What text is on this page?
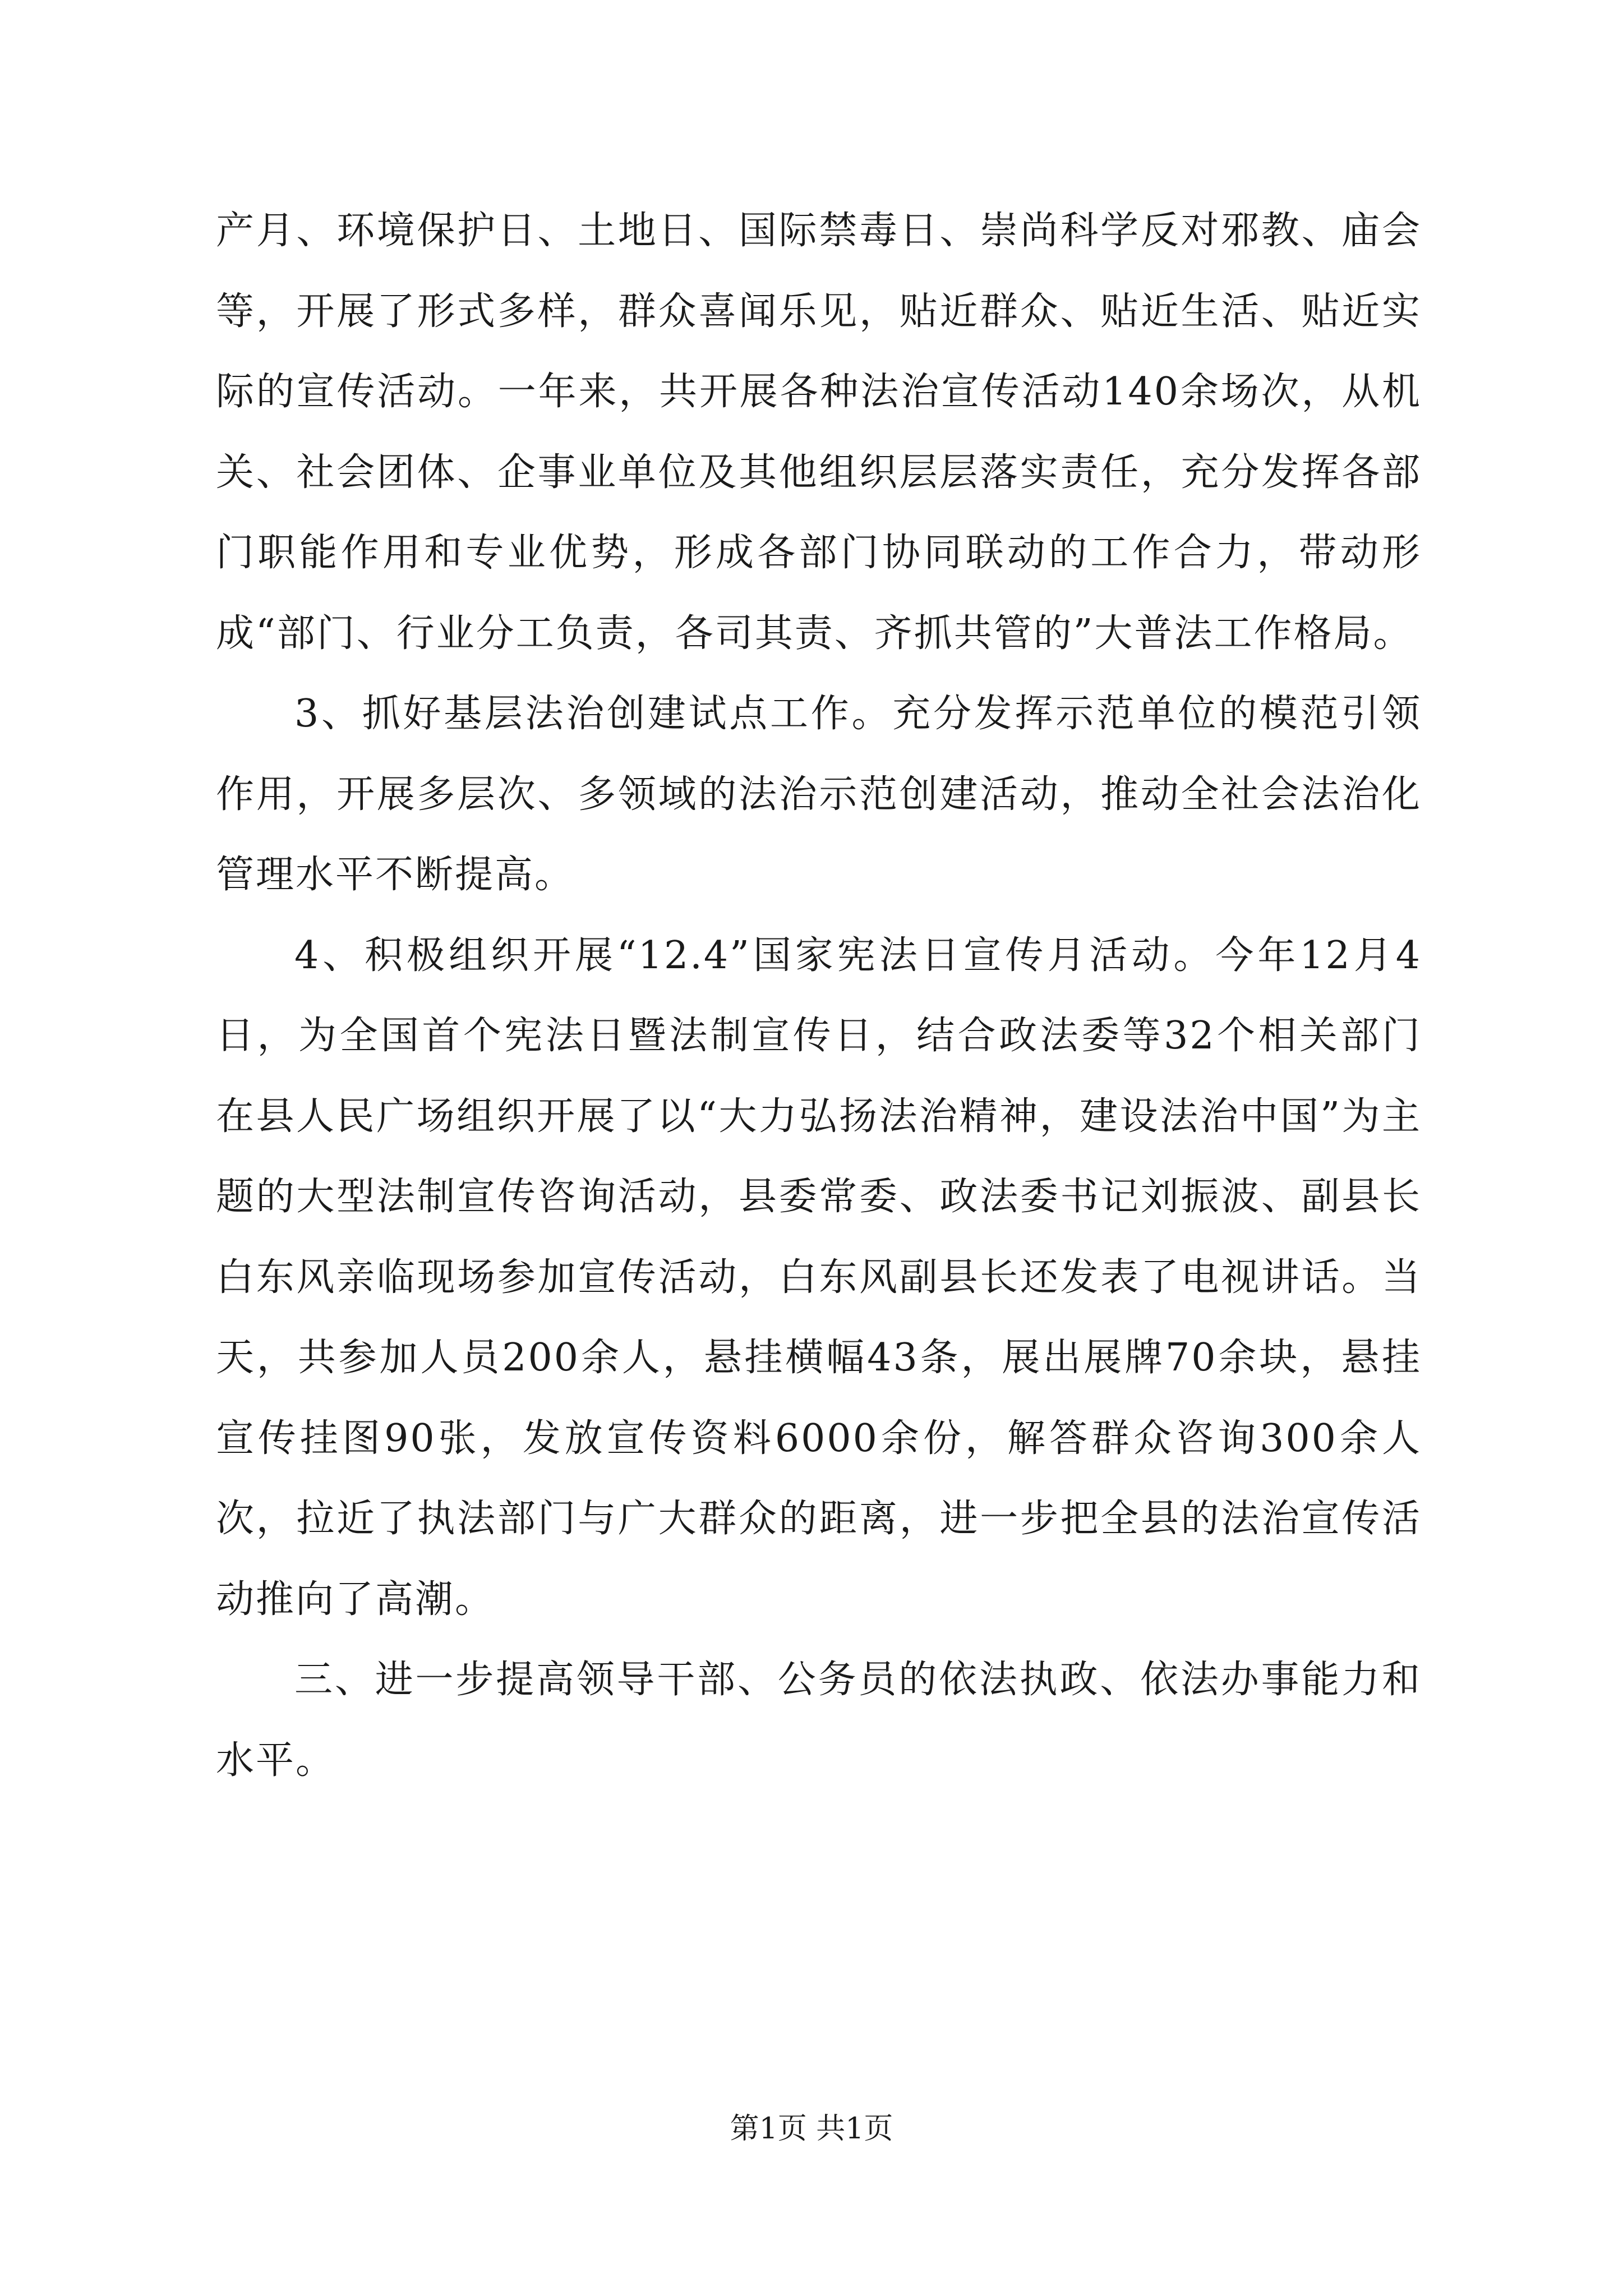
产月、环境保护日、土地日、国际禁毒日、崇尚科学反对邪教、庙会等，开展了形式多样，群众喜闻乐见，贴近群众、贴近生活、贴近实际的宣传活动。一年来，共开展各种法治宣传活动140余场次，从机关、社会团体、企事业单位及其他组织层层落实责任，充分发挥各部门职能作用和专业优势，形成各部门协同联动的工作合力，带动形成“部门、行业分工负责，各司其责、齐抓共管的”大普法工作格局。

3、抓好基层法治创建试点工作。充分发挥示范单位的模范引领作用，开展多层次、多领域的法治示范创建活动，推动全社会法治化管理水平不断提高。

4、积极组织开展“12.4”国家宪法日宣传月活动。今年12月4日，为全国首个宪法日暨法制宣传日，结合政法委等32个相关部门在县人民广场组织开展了以“大力弘扬法治精神，建设法治中国”为主题的大型法制宣传咨询活动，县委常委、政法委书记刘振波、副县长白东风亲临现场参加宣传活动，白东风副县长还发表了电视讲话。当天，共参加人员200余人，悬挂横幅43条，展出展牌70余块，悬挂宣传挂图90张，发放宣传资料6000余份，解答群众咨询300余人次，拉近了执法部门与广大群众的距离，进一步把全县的法治宣传活动推向了高潮。

三、进一步提高领导干部、公务员的依法执政、依法办事能力和水平。

第1页 共1页
